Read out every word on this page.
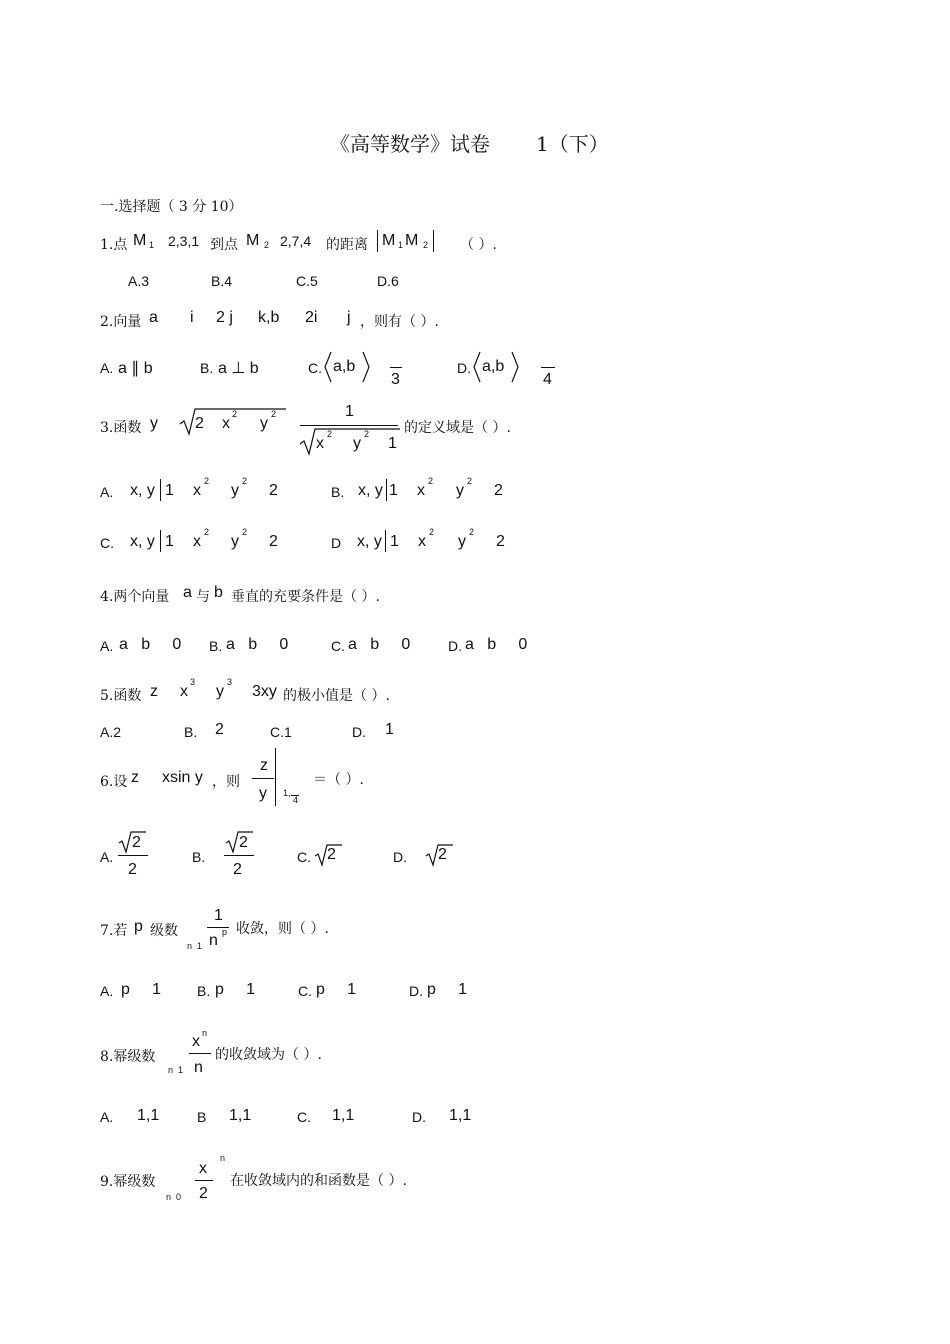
《高等数学》试卷 1（下）
一.选择题（ 3 分 10）
1.点 M 1 2,3,1 到点 M 2 2,7,4 的距离 M 1 M 2 （ ）.
A.3	B.4	C.5	D.6
2.向量 a i 2 j k,b 2i j ，则有（ ）.
A. a ∥ b	B. a ⊥ b	C. a,b
3
D. a,b
4
3.函数 y 2 x
2
y
2	1
x
2
y
2
1
的定义域是（ ）.
A. x, y 1 x
2
y
2
2	B. x, y 1 x
2
y
2
2
C. x, y 1 x
2
y
2
2	D x, y 1 x
2
y
2
2
4.两个向量 a 与 b 垂直的充要条件是（ ）.
A. a   b     0 B. a   b     0	C. a   b     0	D. a   b     0
5.函数 z x
3
y
3
3xy 的极小值是（ ）.
A.2	B. 2	C.1	D. 1
6.设 z xsin y ，则
z
y 1,
4
＝（ ）.
A.
2
2
B.
2
2
C. 2	D. 2
7.若 p 级数
1
n p
n  1
收敛，则（ ）.
A. p     1	B. p     1	C. p     1	D. p     1
8.幂级数
x n
n
n  1
的收敛域为（ ）.
A. 1,1	B 1,1	C. 1,1	D. 1,1
9.幂级数
x
2
n
n  0
在收敛域内的和函数是（ ）.
